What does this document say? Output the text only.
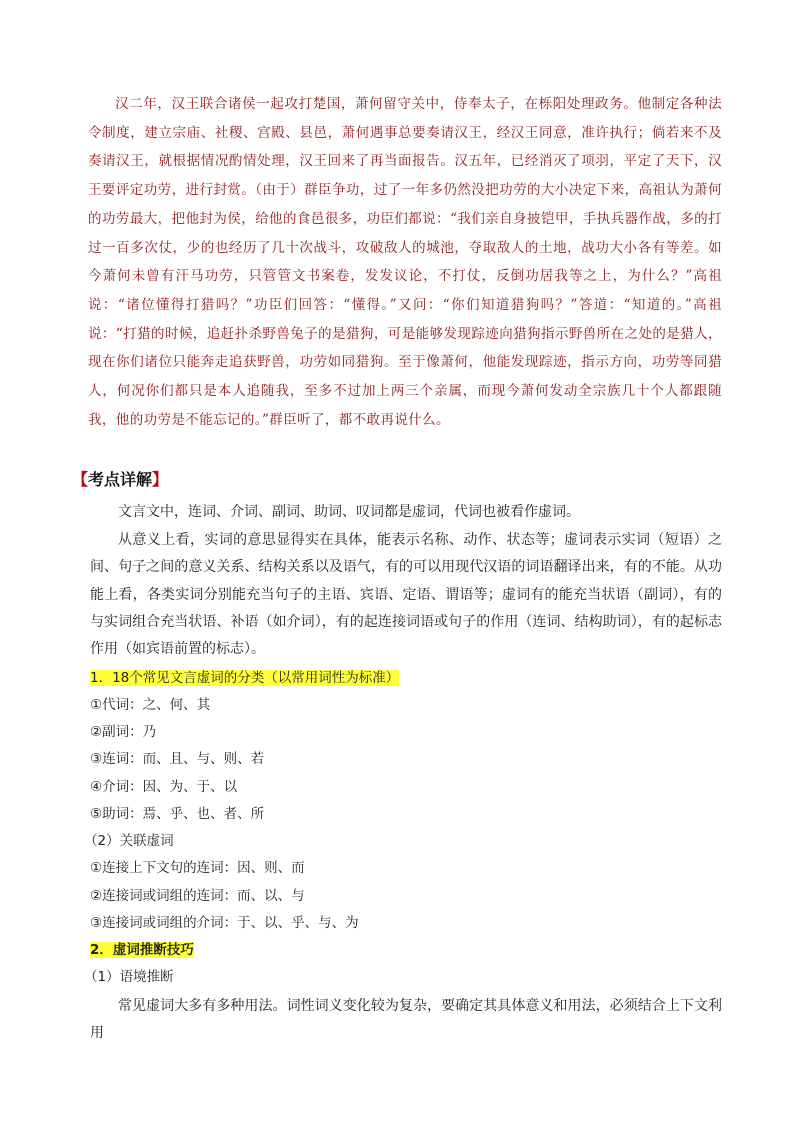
汉二年，汉王联合诸侯一起攻打楚国，萧何留守关中，侍奉太子，在栎阳处理政务。他制定各种法令制度，建立宗庙、社稷、宫殿、县邑，萧何遇事总要奏请汉王，经汉王同意，准许执行；倘若来不及奏请汉王，就根据情况酌情处理，汉王回来了再当面报告。汉五年，已经消灭了项羽，平定了天下，汉王要评定功劳，进行封赏。（由于）群臣争功，过了一年多仍然没把功劳的大小决定下来，高祖认为萧何的功劳最大，把他封为侯，给他的食邑很多，功臣们都说：“我们亲自身披铠甲，手执兵器作战，多的打过一百多次仗，少的也经历了几十次战斗，攻破敌人的城池，夺取敌人的土地，战功大小各有等差。如今萧何未曾有汗马功劳，只管管文书案卷，发发议论，不打仗，反倒功居我等之上，为什么？”高祖说：“诸位懂得打猎吗？”功臣们回答：“懂得。”又问：“你们知道猎狗吗？”答道：“知道的。”高祖说：“打猎的时候，追赶扑杀野兽兔子的是猎狗，可是能够发现踪迹向猎狗指示野兽所在之处的是猎人，现在你们诸位只能奔走追获野兽，功劳如同猎狗。至于像萧何，他能发现踪迹，指示方向，功劳等同猎人，何况你们都只是本人追随我，至多不过加上两三个亲属，而现今萧何发动全宗族几十个人都跟随我，他的功劳是不能忘记的。”群臣听了，都不敢再说什么。

【考点详解】

文言文中，连词、介词、副词、助词、叹词都是虚词，代词也被看作虚词。

从意义上看，实词的意思显得实在具体，能表示名称、动作、状态等；虚词表示实词（短语）之间、句子之间的意义关系、结构关系以及语气，有的可以用现代汉语的词语翻译出来，有的不能。从功能上看，各类实词分别能充当句子的主语、宾语、定语、谓语等；虚词有的能充当状语（副词），有的与实词组合充当状语、补语（如介词），有的起连接词语或句子的作用（连词、结构助词），有的起标志作用（如宾语前置的标志）。

1．18个常见文言虚词的分类（以常用词性为标准）
①代词：之、何、其
②副词：乃
③连词：而、且、与、则、若
④介词：因、为、于、以
⑤助词：焉、乎、也、者、所
（2）关联虚词
①连接上下文句的连词：因、则、而
②连接词或词组的连词：而、以、与
③连接词或词组的介词：于、以、乎、与、为
2．虚词推断技巧
（1）语境推断

常见虚词大多有多种用法。词性词义变化较为复杂，要确定其具体意义和用法，必须结合上下文利用
